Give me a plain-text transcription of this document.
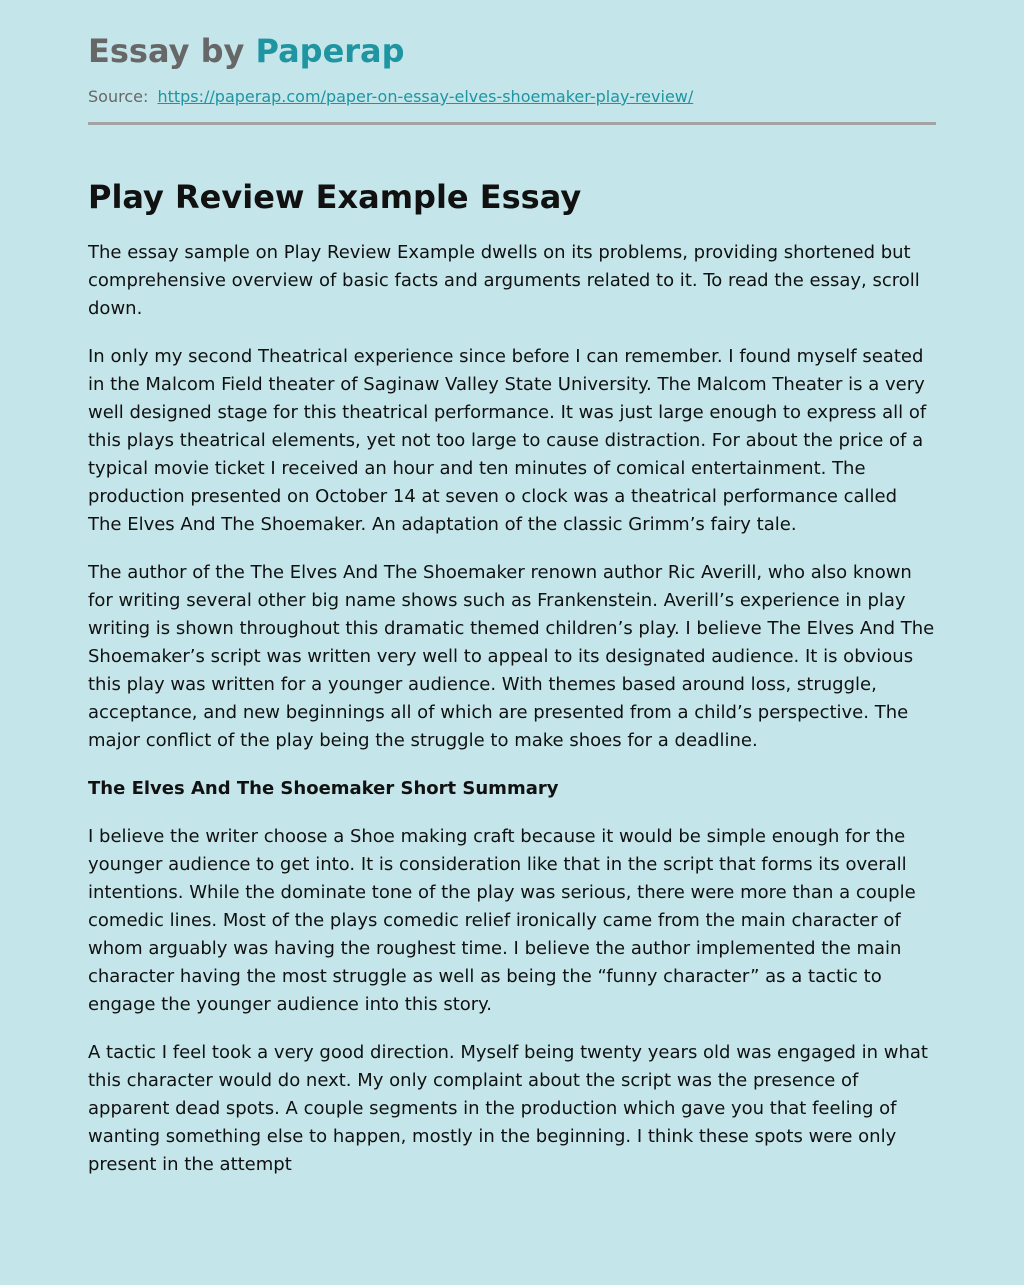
Essay by Paperap
Source: https://paperap.com/paper-on-essay-elves-shoemaker-play-review/
Play Review Example Essay

The essay sample on Play Review Example dwells on its problems, providing shortened but comprehensive overview of basic facts and arguments related to it. To read the essay, scroll down.

In only my second Theatrical experience since before I can remember. I found myself seated in the Malcom Field theater of Saginaw Valley State University. The Malcom Theater is a very well designed stage for this theatrical performance. It was just large enough to express all of this plays theatrical elements, yet not too large to cause distraction. For about the price of a typical movie ticket I received an hour and ten minutes of comical entertainment. The production presented on October 14 at seven o clock was a theatrical performance called The Elves And The Shoemaker. An adaptation of the classic Grimm’s fairy tale.

The author of the The Elves And The Shoemaker renown author Ric Averill, who also known for writing several other big name shows such as Frankenstein. Averill’s experience in play writing is shown throughout this dramatic themed children’s play. I believe The Elves And The Shoemaker’s script was written very well to appeal to its designated audience. It is obvious this play was written for a younger audience. With themes based around loss, struggle, acceptance, and new beginnings all of which are presented from a child’s perspective. The major conflict of the play being the struggle to make shoes for a deadline.

The Elves And The Shoemaker Short Summary

I believe the writer choose a Shoe making craft because it would be simple enough for the younger audience to get into. It is consideration like that in the script that forms its overall intentions. While the dominate tone of the play was serious, there were more than a couple comedic lines. Most of the plays comedic relief ironically came from the main character of whom arguably was having the roughest time. I believe the author implemented the main character having the most struggle as well as being the “funny character” as a tactic to engage the younger audience into this story.

A tactic I feel took a very good direction. Myself being twenty years old was engaged in what this character would do next. My only complaint about the script was the presence of apparent dead spots. A couple segments in the production which gave you that feeling of wanting something else to happen, mostly in the beginning. I think these spots were only present in the attempt
